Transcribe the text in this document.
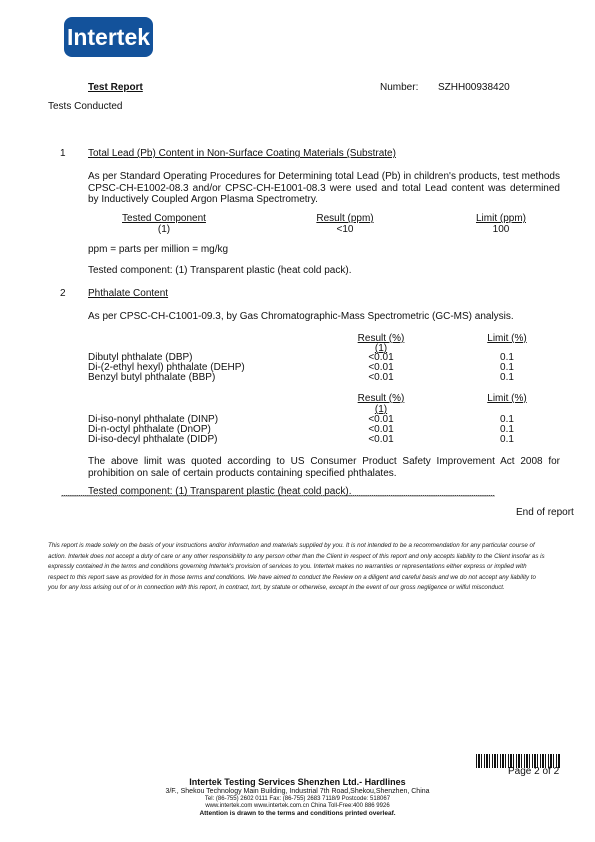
Intertek
Test Report	Number: SZHH00938420
Tests Conducted
1 Total Lead (Pb) Content in Non-Surface Coating Materials (Substrate)
As per Standard Operating Procedures for Determining total Lead (Pb) in children's products, test methods CPSC-CH-E1002-08.3 and/or CPSC-CH-E1001-08.3 were used and total Lead content was determined by Inductively Coupled Argon Plasma Spectrometry.
Tested Component	Result (ppm)	Limit (ppm)
(1)	<10	100
ppm = parts per million = mg/kg
Tested component: (1) Transparent plastic (heat cold pack).
2 Phthalate Content
As per CPSC-CH-C1001-09.3, by Gas Chromatographic-Mass Spectrometric (GC-MS) analysis.
Result (%)	Limit (%)
(1)
Dibutyl phthalate (DBP)	<0.01	0.1
Di-(2-ethyl hexyl) phthalate (DEHP)	<0.01	0.1
Benzyl butyl phthalate (BBP)	<0.01	0.1
Result (%)	Limit (%)
(1)
Di-iso-nonyl phthalate (DINP)	<0.01	0.1
Di-n-octyl phthalate (DnOP)	<0.01	0.1
Di-iso-decyl phthalate (DIDP)	<0.01	0.1
The above limit was quoted according to US Consumer Product Safety Improvement Act 2008 for prohibition on sale of certain products containing specified phthalates.
Tested component: (1) Transparent plastic (heat cold pack).
************************************************************************************************************************************************************************************************************
End of report
This report is made solely on the basis of your instructions and/or information and materials supplied by you. It is not intended to be a recommendation for any particular course of action. Intertek does not accept a duty of care or any other responsibility to any person other than the Client in respect of this report and only accepts liability to the Client insofar as is expressly contained in the terms and conditions governing Intertek's provision of services to you. Intertek makes no warranties or representations either express or implied with respect to this report save as provided for in those terms and conditions. We have aimed to conduct the Review on a diligent and careful basis and we do not accept any liability to you for any loss arising out of or in connection with this report, in contract, tort, by statute or otherwise, except in the event of our gross negligence or wilful misconduct.
Page 2 of 2
Intertek Testing Services Shenzhen Ltd.- Hardlines
3/F., Shekou Technology Main Building, Industrial 7th Road,Shekou,Shenzhen, China
Tel: (86-755) 2602 0111 Fax: (86-755) 2683 7118/9 Postcode: 518067
www.intertek.com www.intertek.com.cn China Toll-Free:400 886 9926
Attention is drawn to the terms and conditions printed overleaf.
